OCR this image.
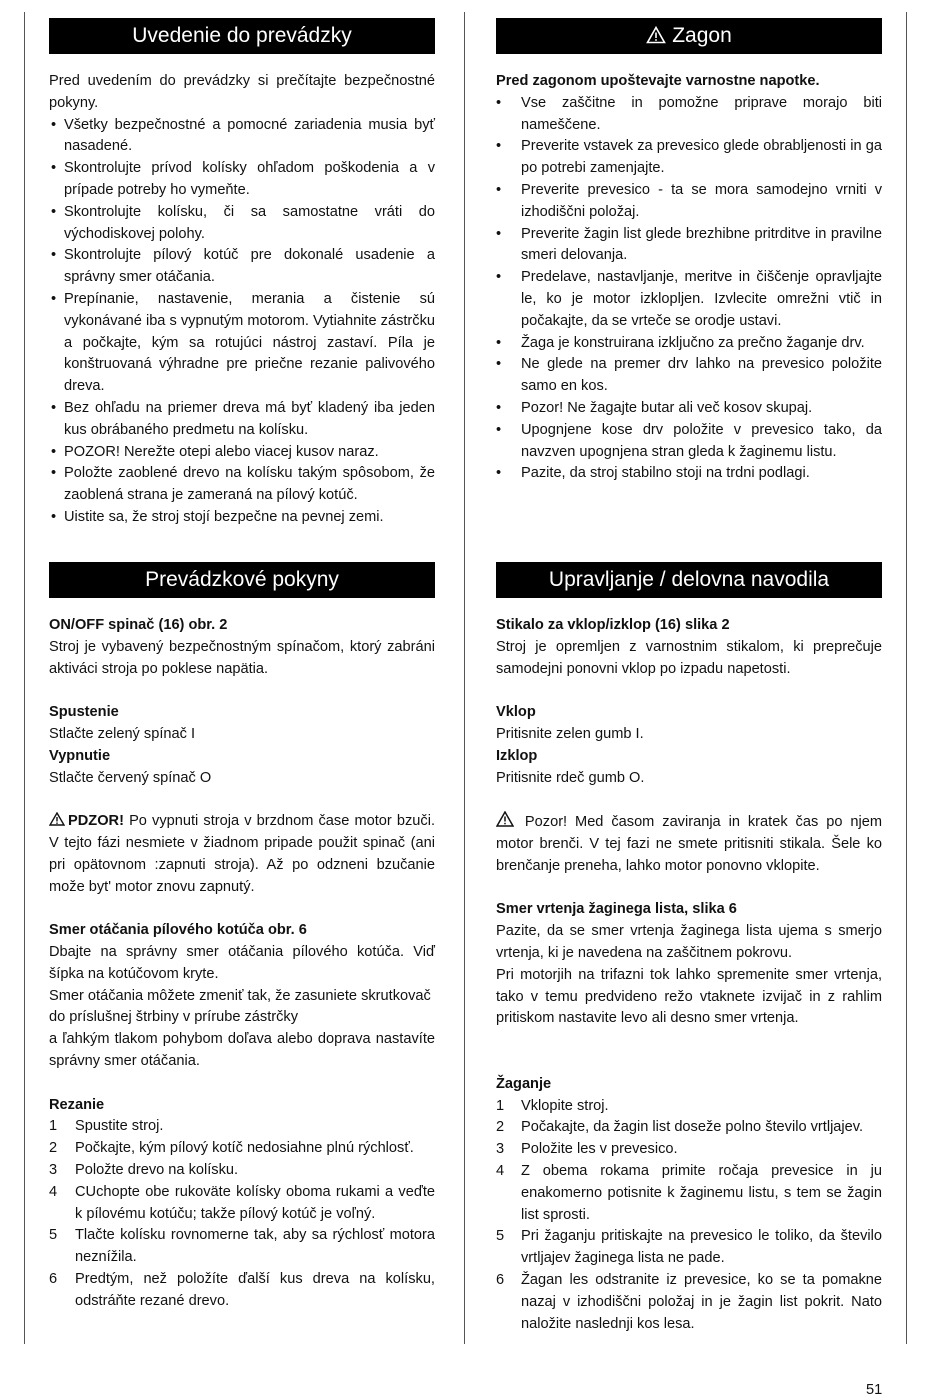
Uvedenie do prevádzky

Pred uvedením do prevádzky si prečítajte bezpečnostné pokyny.

• Všetky bezpečnostné a pomocné zariadenia musia byť nasadené.
• Skontrolujte prívod kolísky ohľadom poškodenia a v prípade potreby ho vymeňte.
• Skontrolujte kolísku, či sa samostatne vráti do východiskovej polohy.
• Skontrolujte pílový kotúč pre dokonalé usadenie a správny smer otáčania.
• Prepínanie, nastavenie, merania a čistenie sú vykonávané iba s vypnutým motorom. Vytiahnite zástrčku a počkajte, kým sa rotujúci nástroj zastaví. Píla je konštruovaná výhradne pre priečne rezanie palivového dreva.
• Bez ohľadu na priemer dreva má byť kladený iba jeden kus obrábaného predmetu na kolísku.
• POZOR! Nerežte otepi alebo viacej kusov naraz.
• Položte zaoblené drevo na kolísku takým spôsobom, že zaoblená strana je zameraná na pílový kotúč.
• Uistite sa, že stroj stojí bezpečne na pevnej zemi.
Prevádzkové pokyny

ON/OFF spinač (16) obr. 2

Stroj je vybavený bezpečnostným spínačom, ktorý zabráni aktiváci stroja po poklese napätia.

Spustenie

Stlačte zelený spínač I

Vypnutie

Stlačte červený spínač O

PDZOR! Po vypnuti stroja v brzdnom čase motor bzuči. V tejto fázi nesmiete v žiadnom pripade použit spinač (ani pri opätovnom :zapnuti stroja). Až po odzneni bzučanie može byt' motor znovu zapnutý.

Smer otáčania pílového kotúča obr. 6

Dbajte na správny smer otáčania pílového kotúča. Viď šípka na kotúčovom kryte.

Smer otáčania môžete zmeniť tak, že zasuniete skrutkovač do príslušnej štrbiny v prírube zástrčky

a ľahkým tlakom pohybom doľava alebo doprava nastavíte správny smer otáčania.

Rezanie

1 Spustite stroj.
2 Počkajte, kým pílový kotíč nedosiahne plnú rýchlosť.
3 Položte drevo na kolísku.
4 CUchopte obe rukoväte kolísky oboma rukami a veďte k pílovému kotúču; takže pílový kotúč je voľný.
5 Tlačte kolísku rovnomerne tak, aby sa rýchlosť motora neznížila.
6 Predtým, než položíte ďalší kus dreva na kolísku, odstráňte rezané drevo.
Zagon

Pred zagonom upoštevajte varnostne napotke.

• Vse zaščitne in pomožne priprave morajo biti nameščene.
• Preverite vstavek za prevesico glede obrabljenosti in ga po potrebi zamenjajte.
• Preverite prevesico - ta se mora samodejno vrniti v izhodiščni položaj.
• Preverite žagin list glede brezhibne pritrditve in pravilne smeri delovanja.
• Predelave, nastavljanje, meritve in čiščenje opravljajte le, ko je motor izklopljen. Izvlecite omrežni vtič in počakajte, da se vrteče se orodje ustavi.
• Žaga je konstruirana izključno za prečno žaganje drv.
• Ne glede na premer drv lahko na prevesico položite samo en kos.
• Pozor! Ne žagajte butar ali več kosov skupaj.
• Upognjene kose drv položite v prevesico tako, da navzven upognjena stran gleda k žaginemu listu.
• Pazite, da stroj stabilno stoji na trdni podlagi.
Upravljanje / delovna navodila

Stikalo za vklop/izklop (16) slika 2

Stroj je opremljen z varnostnim stikalom, ki preprečuje samodejni ponovni vklop po izpadu napetosti.

Vklop

Pritisnite zelen gumb I.

Izklop

Pritisnite rdeč gumb O.

Pozor! Med časom zaviranja in kratek čas po njem motor brenči. V tej fazi ne smete pritisniti stikala. Šele ko brenčanje preneha, lahko motor ponovno vklopite.

Smer vrtenja žaginega lista, slika 6

Pazite, da se smer vrtenja žaginega lista ujema s smerjo vrtenja, ki je navedena na zaščitnem pokrovu.

Pri motorjih na trifazni tok lahko spremenite smer vrtenja, tako v temu predvideno režo vtaknete izvijač in z rahlim pritiskom nastavite levo ali desno smer vrtenja.

Žaganje

1 Vklopite stroj.
2 Počakajte, da žagin list doseže polno število vrtljajev.
3 Položite les v prevesico.
4 Z obema rokama primite ročaja prevesice in ju enakomerno potisnite k žaginemu listu, s tem se žagin list sprosti.
5 Pri žaganju pritiskajte na prevesico le toliko, da število vrtljajev žaginega lista ne pade.
6 Žagan les odstranite iz prevesice, ko se ta pomakne nazaj v izhodiščni položaj in je žagin list pokrit. Nato naložite naslednji kos lesa.
51
